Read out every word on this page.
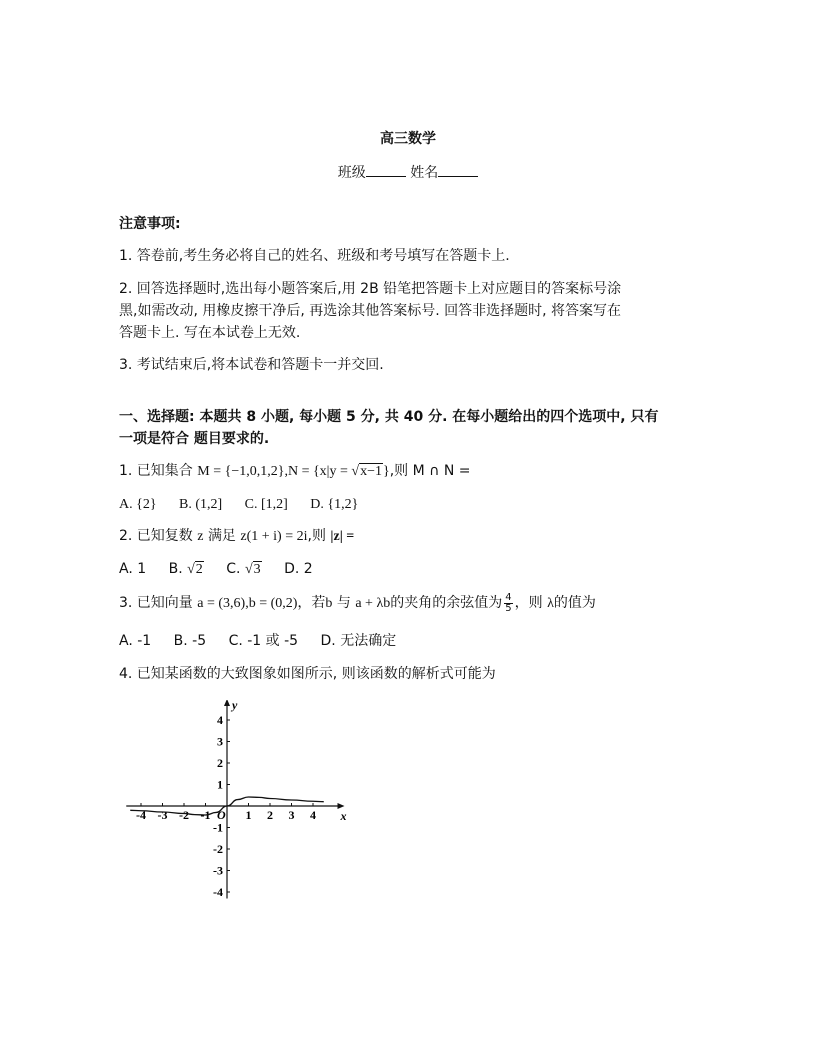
高三数学
班级	姓名
注意事项:
1. 答卷前,考生务必将自己的姓名、班级和考号填写在答题卡上.
2. 回答选择题时,选出每小题答案后,用 2B 铅笔把答题卡上对应题目的答案标号涂
黑,如需改动, 用橡皮擦干净后, 再选涂其他答案标号. 回答非选择题时, 将答案写在
答题卡上. 写在本试卷上无效.
3. 考试结束后,将本试卷和答题卡一并交回.
一、选择题: 本题共 8 小题, 每小题 5 分, 共 40 分. 在每小题给出的四个选项中, 只有
一项是符合 题目要求的.
1. 已知集合 M = {−1,0,1,2},N = {x|y = √x−1},则 M ∩ N =
A. {2} B. (1,2] C. [1,2] D. {1,2}
2. 已知复数 z 满足 z(1 + i) = 2i,则 |z| =
A. 1 B. √2 C. √3 D. 2
3. 已知向量 a = (3,6),b = (0,2)，若b 与 a + λb的夹角的余弦值为 $\frac{4}{5}$ ，则 λ的值为
A. -1 B. -5 C. -1 或 -5 D. 无法确定
4. 已知某函数的大致图象如图所示, 则该函数的解析式可能为
x
y
O
-4 -3 -2 -1	1 2 3 4
4
3
2
1
-1
-2
-3
-4
